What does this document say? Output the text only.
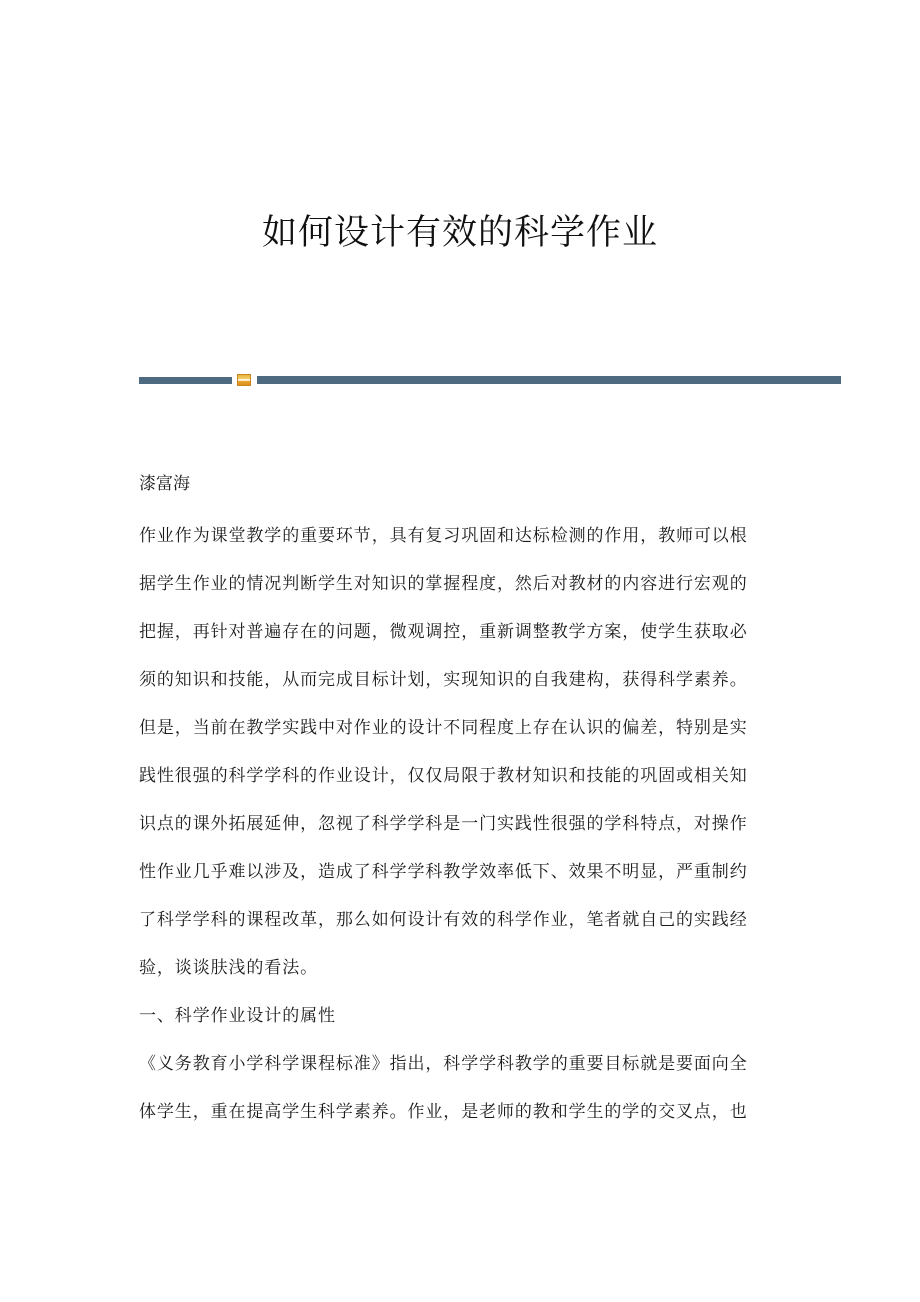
如何设计有效的科学作业
漆富海
作业作为课堂教学的重要环节，具有复习巩固和达标检测的作用，教师可以根
据学生作业的情况判断学生对知识的掌握程度，然后对教材的内容进行宏观的
把握，再针对普遍存在的问题，微观调控，重新调整教学方案，使学生获取必
须的知识和技能，从而完成目标计划，实现知识的自我建构，获得科学素养。
但是，当前在教学实践中对作业的设计不同程度上存在认识的偏差，特别是实
践性很强的科学学科的作业设计，仅仅局限于教材知识和技能的巩固或相关知
识点的课外拓展延伸，忽视了科学学科是一门实践性很强的学科特点，对操作
性作业几乎难以涉及，造成了科学学科教学效率低下、效果不明显，严重制约
了科学学科的课程改革，那么如何设计有效的科学作业，笔者就自己的实践经
验，谈谈肤浅的看法。
一、科学作业设计的属性
《义务教育小学科学课程标准》指出，科学学科教学的重要目标就是要面向全
体学生，重在提高学生科学素养。作业，是老师的教和学生的学的交叉点，也
